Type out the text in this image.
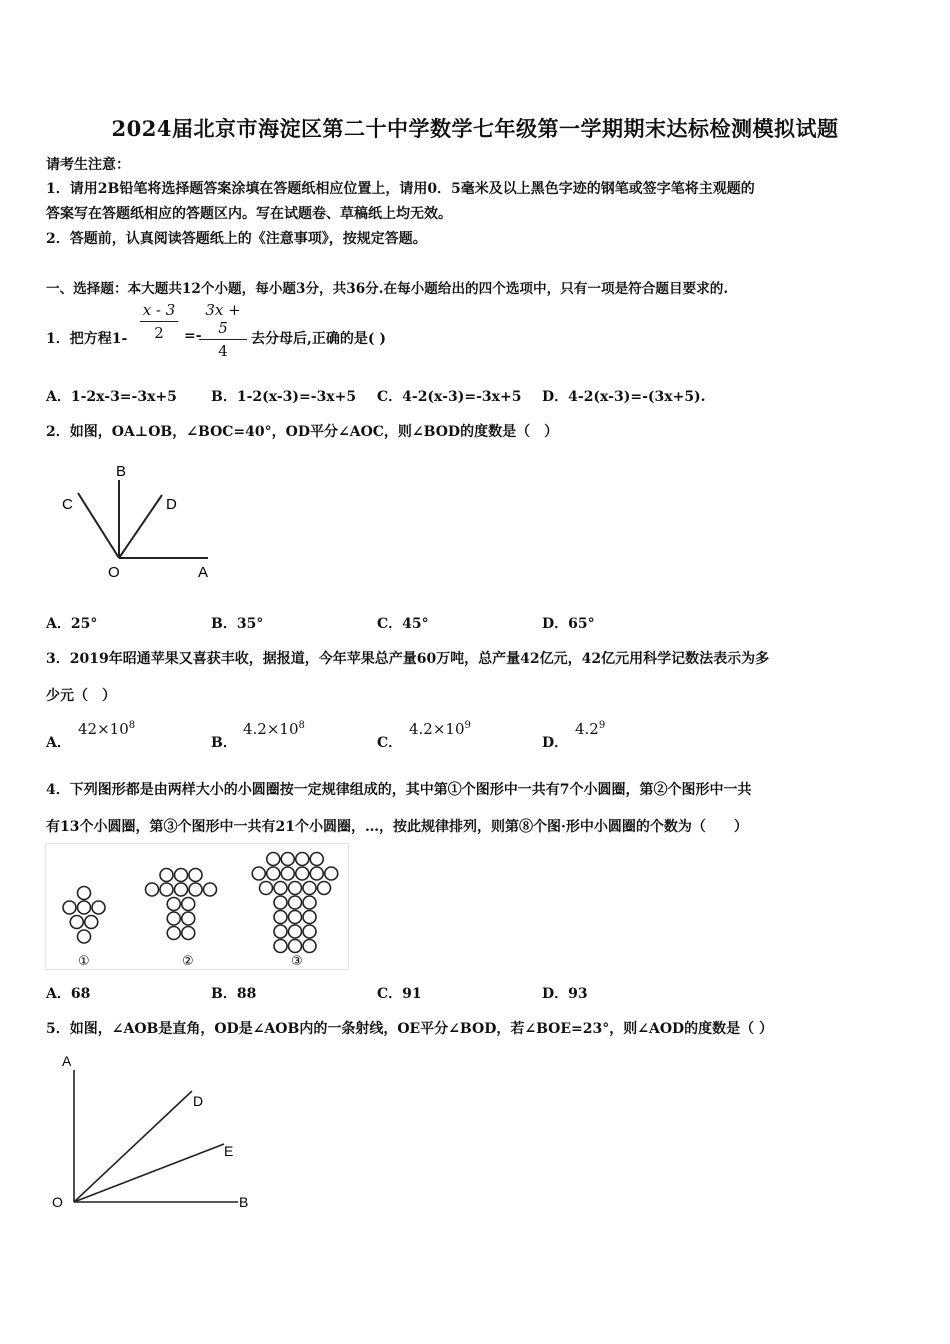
2024届北京市海淀区第二十中学数学七年级第一学期期末达标检测模拟试题
请考生注意：
1．请用2B铅笔将选择题答案涂填在答题纸相应位置上，请用0．5毫米及以上黑色字迹的钢笔或签字笔将主观题的
答案写在答题纸相应的答题区内。写在试题卷、草稿纸上均无效。
2．答题前，认真阅读答题纸上的《注意事项》，按规定答题。
一、选择题：本大题共12个小题，每小题3分，共36分.在每小题给出的四个选项中，只有一项是符合题目要求的.
1．把方程$1- \frac{x - 3}{2}$ =-
$\frac{3x + 5}{4}$ 去分母后,正确的是( )
A．1-2x-3=-3x+5 B．1-2(x-3)=-3x+5 C．4-2(x-3)=-3x+5 D．4-2(x-3)=-(3x+5).
2．如图，OA⊥OB，∠BOC=40°，OD平分∠AOC，则∠BOD的度数是（　）
B
C	D
O	A
A．25°	B．35°	C．45°	D．65°
3．2019年昭通苹果又喜获丰收，据报道，今年苹果总产量60万吨，总产量42亿元，42亿元用科学记数法表示为多
少元（　）
A．
$42\times 10^8$
B．
$4.2\times 10^8$
C．
$4.2\times 10^9$
D．
$4.2^9$
4．下列图形都是由两样大小的小圆圈按一定规律组成的，其中第①个图形中一共有7个小圆圈，第②个图形中一共
有13个小圆圈，第③个图形中一共有21个小圆圈，…，按此规律排列，则第⑧个图·形中小圆圈的个数为（　　）
①	②	③
A．68	B．88	C．91	D．93
5．如图，∠AOB是直角，OD是∠AOB内的一条射线，OE平分∠BOD，若∠BOE=23°，则∠AOD的度数是（ ）
A
D
E
O	B
